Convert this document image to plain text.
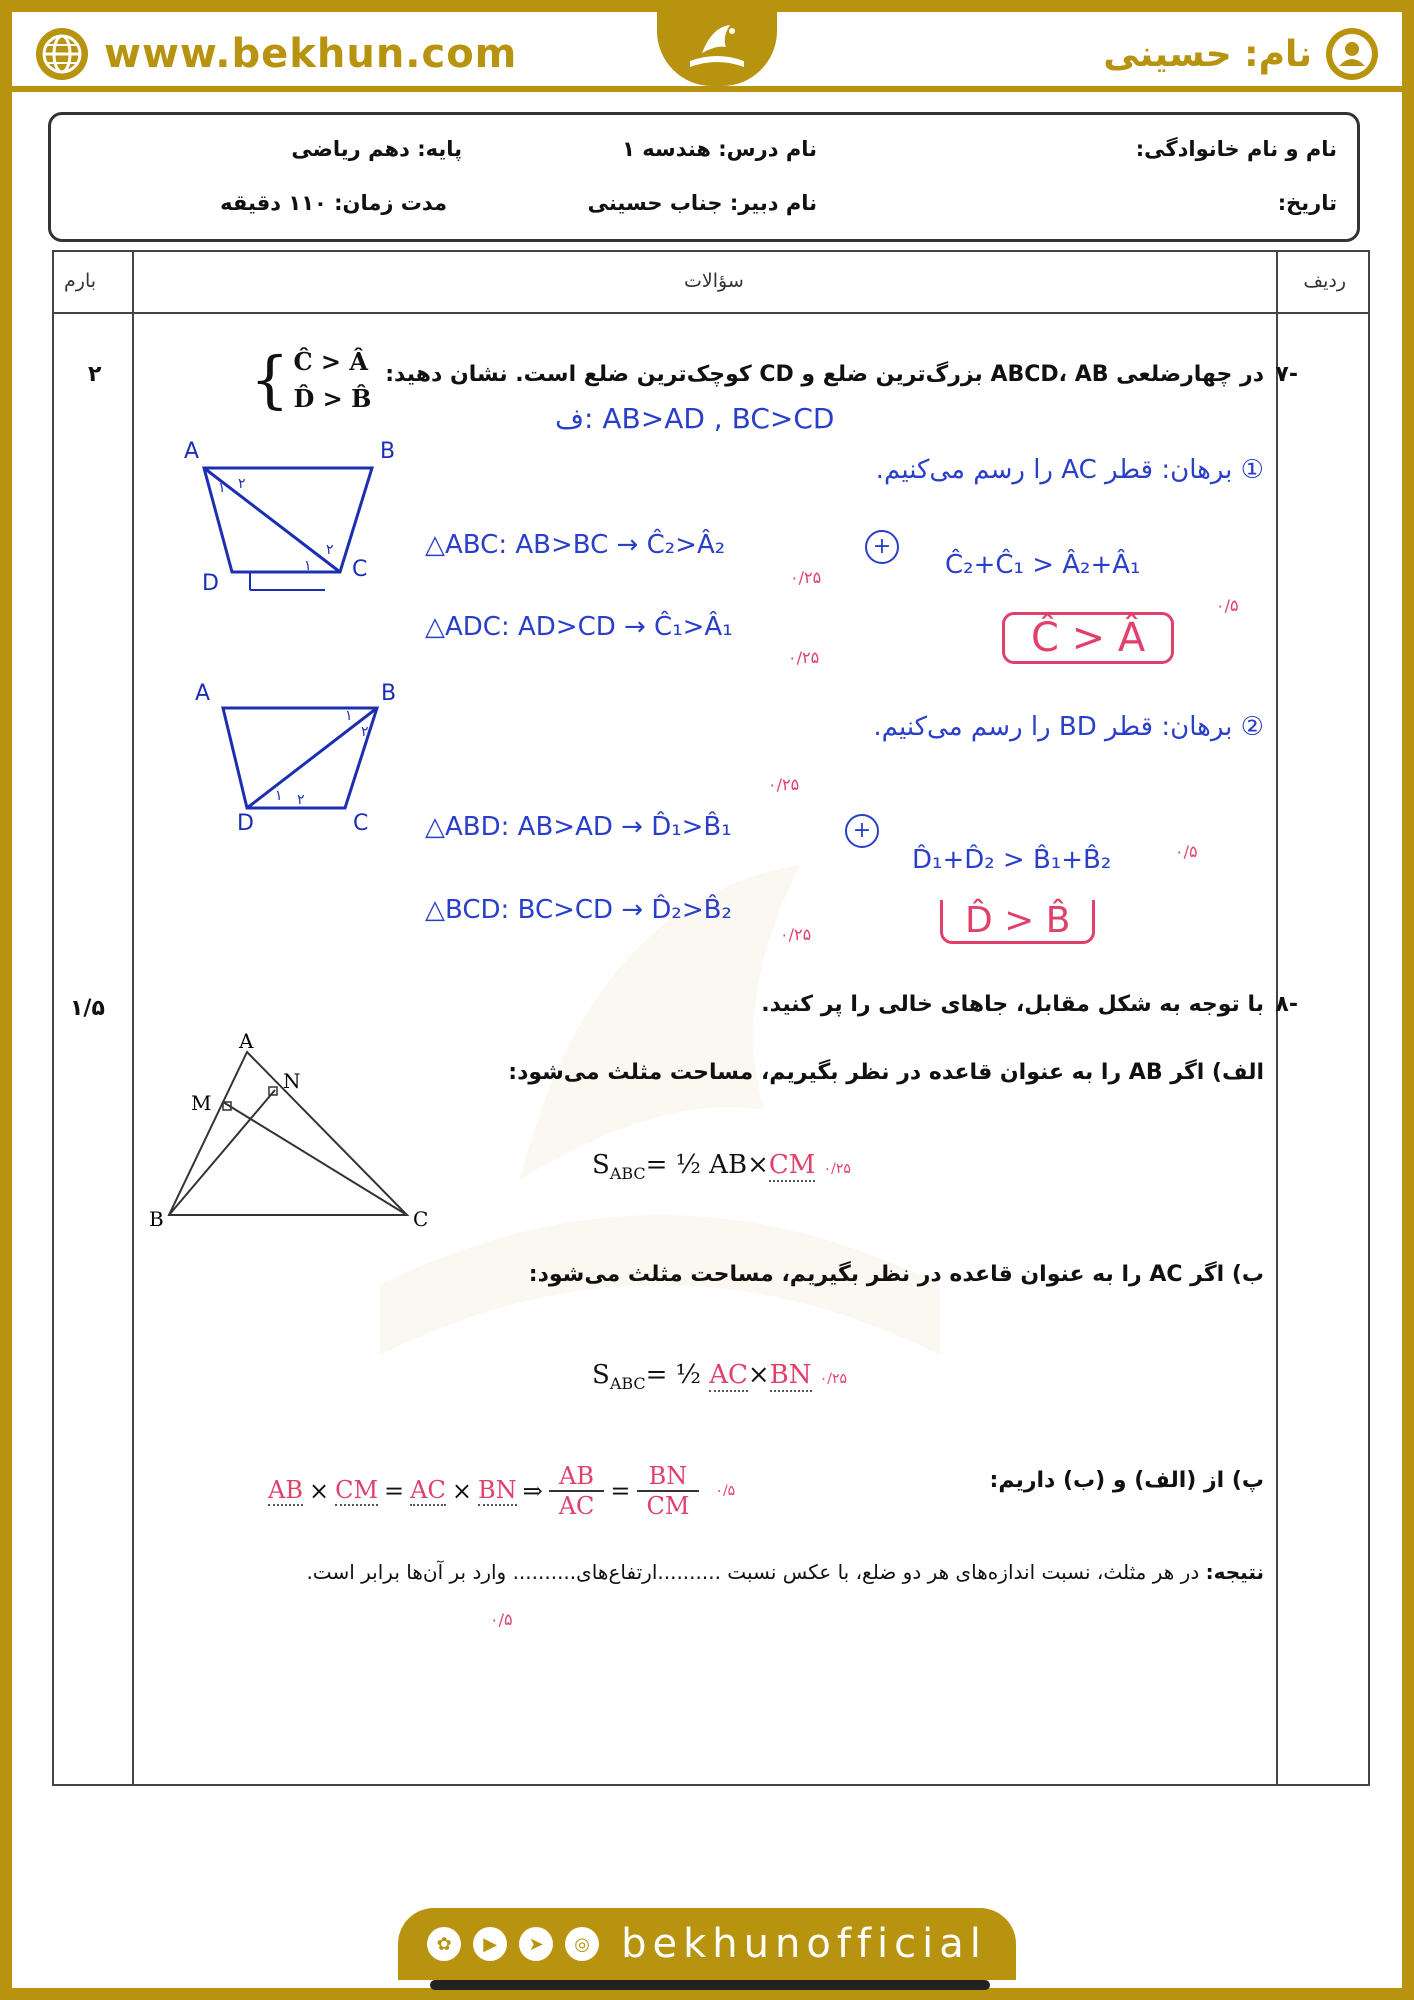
www.bekhun.com	نام: حسینی
نام و نام خانوادگی:
نام درس: هندسه ۱
پایه: دهم ریاضی
تاریخ:
نام دبیر: جناب حسینی
مدت زمان: ۱۱۰ دقیقه
ردیف
سؤالات
بارم
-۷
۲	در چهارضلعی ABCD، AB بزرگ‌ترین ضلع و CD کوچک‌ترین ضلع است. نشان دهید:
{ Ĉ > Â
D̂ > B̂
ف: AB>AD , BC>CD
A	B
C
D
۱ ۲
۱
۲
① برهان: قطر AC را رسم می‌کنیم.
△ABC: AB>BC → Ĉ₂>Â₂
۰/۲۵
△ADC: AD>CD → Ĉ₁>Â₁
۰/۲۵
+
Ĉ₂+Ĉ₁ > Â₂+Â₁
۰/۵
Ĉ > Â
A	B
C
D
۱ ۲
۱
۲	② برهان: قطر BD را رسم می‌کنیم.
۰/۲۵
△ABD: AB>AD → D̂₁>B̂₁	+
D̂₁+D̂₂ > B̂₁+B̂₂	۰/۵
△BCD: BC>CD → D̂₂>B̂₂
۰/۲۵	D̂ > B̂
-۸
۱/۵	با توجه به شکل مقابل، جاهای خالی را پر کنید.
A
B	C
M
N	الف) اگر AB را به عنوان قاعده در نظر بگیریم، مساحت مثلث می‌شود:
$S_{ABC}=$ ½ AB×CM ۰/۲۵
ب) اگر AC را به عنوان قاعده در نظر بگیریم، مساحت مثلث می‌شود:
$S_{ABC}=$ ½ AC×BN ۰/۲۵
پ) از (الف) و (ب) داریم:
AB × CM = AC × BN ⇒ $\frac{AB}{AC} = \frac{BN}{CM}$ ۰/۵
نتیجه: در هر مثلث، نسبت اندازه‌های هر دو ضلع، با عکس نسبت ..........ارتفاع‌های.......... وارد بر آن‌ها برابر است.
۰/۵
✿	▶	➤	◎ bekhunofficial
